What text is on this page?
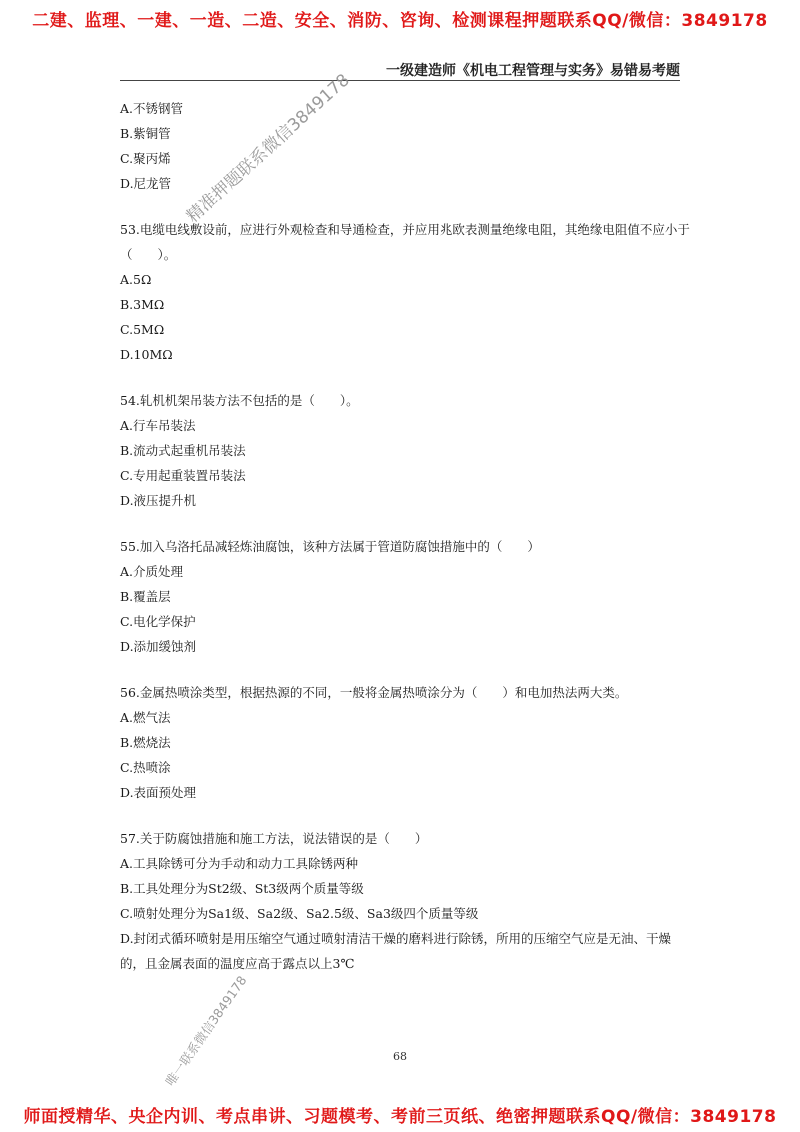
二建、监理、一建、一造、二造、安全、消防、咨询、检测课程押题联系QQ/微信：3849178
一级建造师《机电工程管理与实务》易错易考题
A.不锈钢管
B.紫铜管
C.聚丙烯
D.尼龙管
53.电缆电线敷设前，应进行外观检查和导通检查，并应用兆欧表测量绝缘电阻，其绝缘电阻值不应小于（　　）。
A.5Ω
B.3MΩ
C.5MΩ
D.10MΩ
54.轧机机架吊装方法不包括的是（　　）。
A.行车吊装法
B.流动式起重机吊装法
C.专用起重装置吊装法
D.液压提升机
55.加入乌洛托品减轻炼油腐蚀，该种方法属于管道防腐蚀措施中的（　　）
A.介质处理
B.覆盖层
C.电化学保护
D.添加缓蚀剂
56.金属热喷涂类型，根据热源的不同，一般将金属热喷涂分为（　　）和电加热法两大类。
A.燃气法
B.燃烧法
C.热喷涂
D.表面预处理
57.关于防腐蚀措施和施工方法，说法错误的是（　　）
A.工具除锈可分为手动和动力工具除锈两种
B.工具处理分为St2级、St3级两个质量等级
C.喷射处理分为Sa1级、Sa2级、Sa2.5级、Sa3级四个质量等级
D.封闭式循环喷射是用压缩空气通过喷射清洁干燥的磨料进行除锈，所用的压缩空气应是无油、干燥的，且金属表面的温度应高于露点以上3℃
68
精准押题联系微信3849178
唯一联系微信3849178
师面授精华、央企内训、考点串讲、习题模考、考前三页纸、绝密押题联系QQ/微信：3849178
